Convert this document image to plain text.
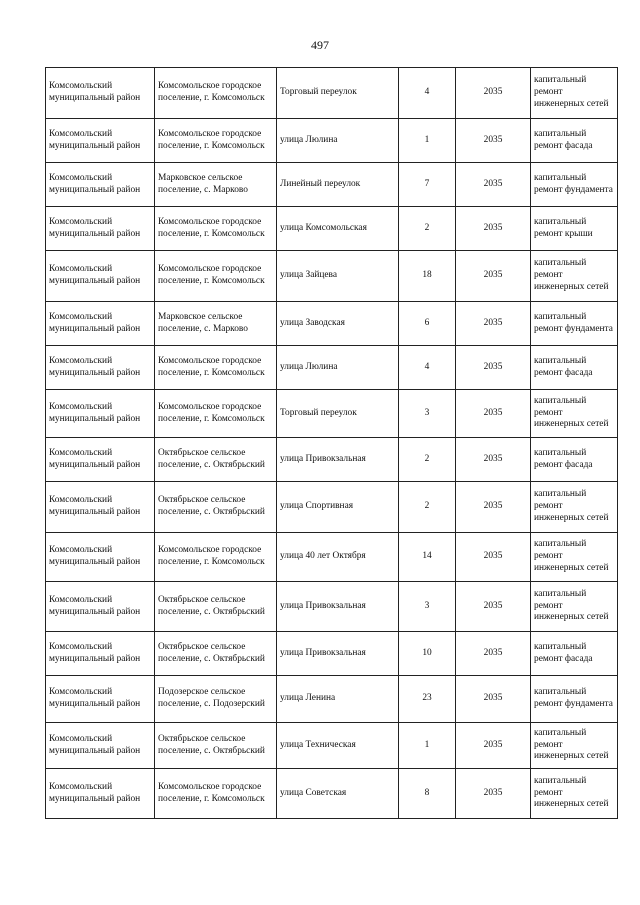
497
Комсомольский муниципальный район	Комсомольское городское поселение, г. Комсомольск	Торговый переулок	4	2035	капитальный ремонт инженерных сетей
Комсомольский муниципальный район	Комсомольское городское поселение, г. Комсомольск	улица Люлина	1	2035	капитальный ремонт фасада
Комсомольский муниципальный район	Марковское сельское поселение, с. Марково	Линейный переулок	7	2035	капитальный ремонт фундамента
Комсомольский муниципальный район	Комсомольское городское поселение, г. Комсомольск	улица Комсомольская	2	2035	капитальный ремонт крыши
Комсомольский муниципальный район	Комсомольское городское поселение, г. Комсомольск	улица Зайцева	18	2035	капитальный ремонт инженерных сетей
Комсомольский муниципальный район	Марковское сельское поселение, с. Марково	улица Заводская	6	2035	капитальный ремонт фундамента
Комсомольский муниципальный район	Комсомольское городское поселение, г. Комсомольск	улица Люлина	4	2035	капитальный ремонт фасада
Комсомольский муниципальный район	Комсомольское городское поселение, г. Комсомольск	Торговый переулок	3	2035	капитальный ремонт инженерных сетей
Комсомольский муниципальный район	Октябрьское сельское поселение, с. Октябрьский	улица Привокзальная	2	2035	капитальный ремонт фасада
Комсомольский муниципальный район	Октябрьское сельское поселение, с. Октябрьский	улица Спортивная	2	2035	капитальный ремонт инженерных сетей
Комсомольский муниципальный район	Комсомольское городское поселение, г. Комсомольск	улица 40 лет Октября	14	2035	капитальный ремонт инженерных сетей
Комсомольский муниципальный район	Октябрьское сельское поселение, с. Октябрьский	улица Привокзальная	3	2035	капитальный ремонт инженерных сетей
Комсомольский муниципальный район	Октябрьское сельское поселение, с. Октябрьский	улица Привокзальная	10	2035	капитальный ремонт фасада
Комсомольский муниципальный район	Подозерское сельское поселение, с. Подозерский	улица Ленина	23	2035	капитальный ремонт фундамента
Комсомольский муниципальный район	Октябрьское сельское поселение, с. Октябрьский	улица Техническая	1	2035	капитальный ремонт инженерных сетей
Комсомольский муниципальный район	Комсомольское городское поселение, г. Комсомольск	улица Советская	8	2035	капитальный ремонт инженерных сетей
